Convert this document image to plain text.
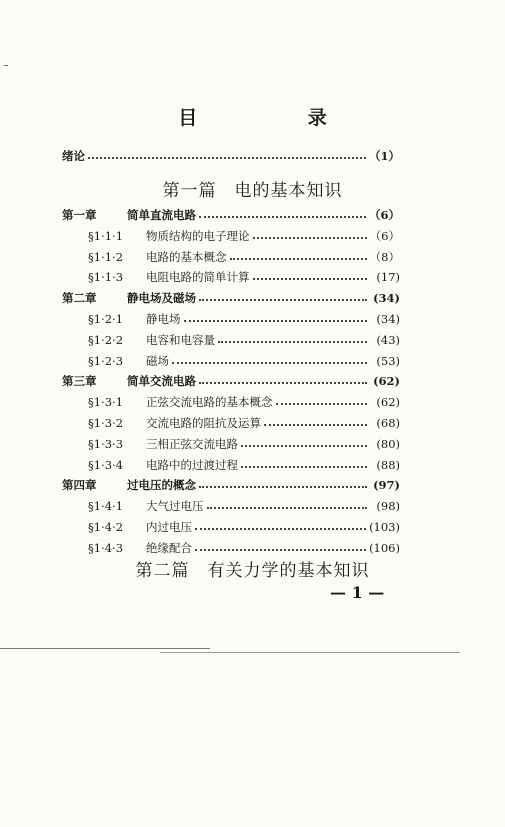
目 录
绪论	（1）
第一篇　电的基本知识
第一章	简单直流电路	（6）
§1·1·1	物质结构的电子理论	（6）
§1·1·2	电路的基本概念	（8）
§1·1·3	电阻电路的简单计算	(17)
第二章	静电场及磁场	(34)
§1·2·1	静电场	(34)
§1·2·2	电容和电容量	(43)
§1·2·3	磁场	(53)
第三章	简单交流电路	(62)
§1·3·1	正弦交流电路的基本概念	(62)
§1·3·2	交流电路的阻抗及运算	(68)
§1·3·3	三相正弦交流电路	(80)
§1·3·4	电路中的过渡过程	(88)
第四章	过电压的概念	(97)
§1·4·1	大气过电压	(98)
§1·4·2	内过电压	(103)
§1·4·3	绝缘配合	(106)
第二篇　有关力学的基本知识
— 1 —
